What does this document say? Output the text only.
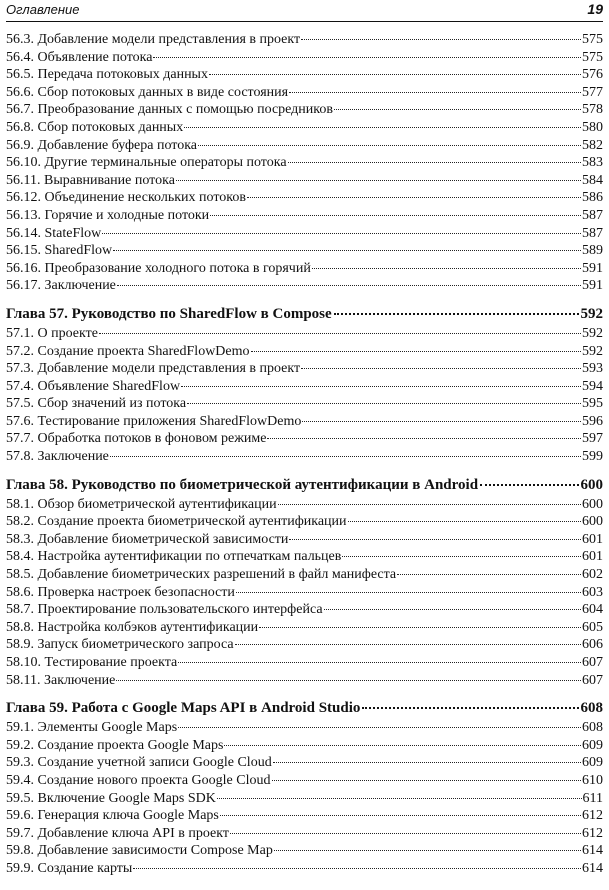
Оглавление	19
56.3. Добавление модели представления в проект	575
56.4. Объявление потока	575
56.5. Передача потоковых данных	576
56.6. Сбор потоковых данных в виде состояния	577
56.7. Преобразование данных с помощью посредников	578
56.8. Сбор потоковых данных	580
56.9. Добавление буфера потока	582
56.10. Другие терминальные операторы потока	583
56.11. Выравнивание потока	584
56.12. Объединение нескольких потоков	586
56.13. Горячие и холодные потоки	587
56.14. StateFlow	587
56.15. SharedFlow	589
56.16. Преобразование холодного потока в горячий	591
56.17. Заключение	591
Глава 57. Руководство по SharedFlow в Compose	592
57.1. О проекте	592
57.2. Создание проекта SharedFlowDemo	592
57.3. Добавление модели представления в проект	593
57.4. Объявление SharedFlow	594
57.5. Сбор значений из потока	595
57.6. Тестирование приложения SharedFlowDemo	596
57.7. Обработка потоков в фоновом режиме	597
57.8. Заключение	599
Глава 58. Руководство по биометрической аутентификации в Android	600
58.1. Обзор биометрической аутентификации	600
58.2. Создание проекта биометрической аутентификации	600
58.3. Добавление биометрической зависимости	601
58.4. Настройка аутентификации по отпечаткам пальцев	601
58.5. Добавление биометрических разрешений в файл манифеста	602
58.6. Проверка настроек безопасности	603
58.7. Проектирование пользовательского интерфейса	604
58.8. Настройка колбэков аутентификации	605
58.9. Запуск биометрического запроса	606
58.10. Тестирование проекта	607
58.11. Заключение	607
Глава 59. Работа с Google Maps API в Android Studio	608
59.1. Элементы Google Maps	608
59.2. Создание проекта Google Maps	609
59.3. Создание учетной записи Google Cloud	609
59.4. Создание нового проекта Google Cloud	610
59.5. Включение Google Maps SDK	611
59.6. Генерация ключа Google Maps	612
59.7. Добавление ключа API в проект	612
59.8. Добавление зависимости Compose Map	614
59.9. Создание карты	614
